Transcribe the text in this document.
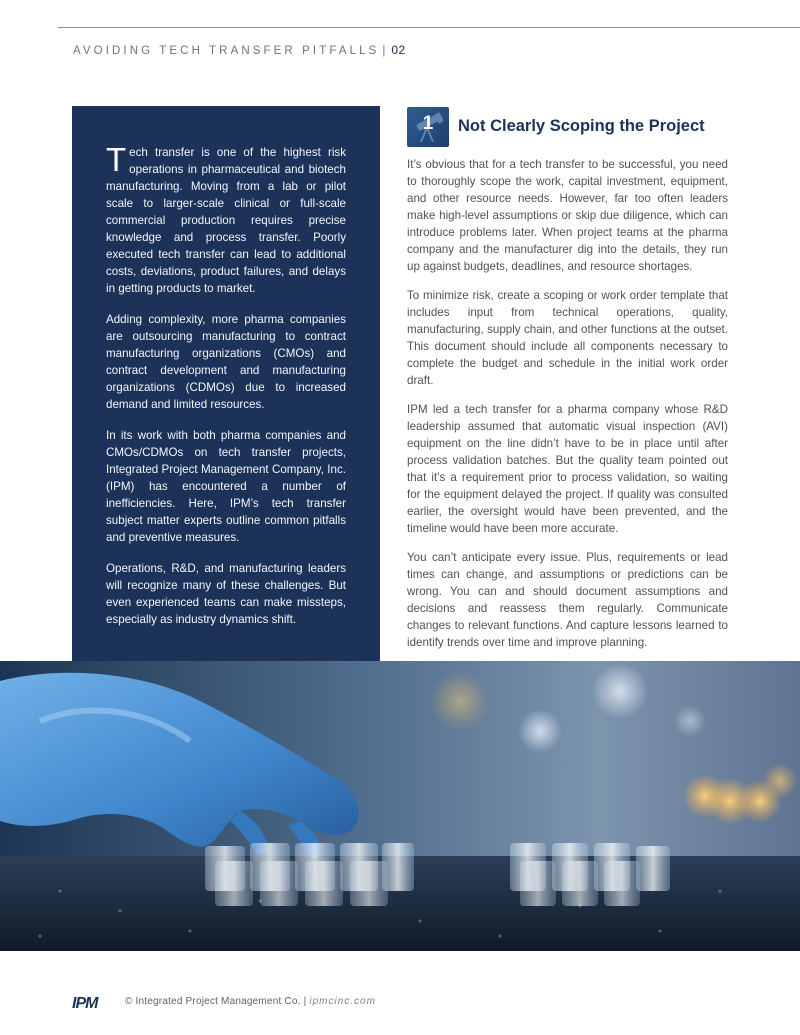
AVOIDING TECH TRANSFER PITFALLS | 02

Tech transfer is one of the highest risk operations in pharmaceutical and biotech manufacturing. Moving from a lab or pilot scale to larger-scale clinical or full-scale commercial production requires precise knowledge and process transfer. Poorly executed tech transfer can lead to additional costs, deviations, product failures, and delays in getting products to market.

Adding complexity, more pharma companies are outsourcing manufacturing to contract manufacturing organizations (CMOs) and contract development and manufacturing organizations (CDMOs) due to increased demand and limited resources.

In its work with both pharma companies and CMOs/CDMOs on tech transfer projects, Integrated Project Management Company, Inc. (IPM) has encountered a number of inefficiencies. Here, IPM’s tech transfer subject matter experts outline common pitfalls and preventive measures.

Operations, R&D, and manufacturing leaders will recognize many of these challenges. But even experienced teams can make missteps, especially as industry dynamics shift.

1	Not Clearly Scoping the Project

It’s obvious that for a tech transfer to be successful, you need to thoroughly scope the work, capital investment, equipment, and other resource needs. However, far too often leaders make high-level assumptions or skip due diligence, which can introduce problems later. When project teams at the pharma company and the manufacturer dig into the details, they run up against budgets, deadlines, and resource shortages.

To minimize risk, create a scoping or work order template that includes input from technical operations, quality, manufacturing, supply chain, and other functions at the outset. This document should include all components necessary to complete the budget and schedule in the initial work order draft.

IPM led a tech transfer for a pharma company whose R&D leadership assumed that automatic visual inspection (AVI) equipment on the line didn’t have to be in place until after process validation batches. But the quality team pointed out that it’s a requirement prior to process validation, so waiting for the equipment delayed the project. If quality was consulted earlier, the oversight would have been prevented, and the timeline would have been more accurate.

You can’t anticipate every issue. Plus, requirements or lead times can change, and assumptions or predictions can be wrong. You can and should document assumptions and decisions and reassess them regularly. Communicate changes to relevant functions. And capture lessons learned to identify trends over time and improve planning.

IPM	© Integrated Project Management Co. | ipmcinc.com
